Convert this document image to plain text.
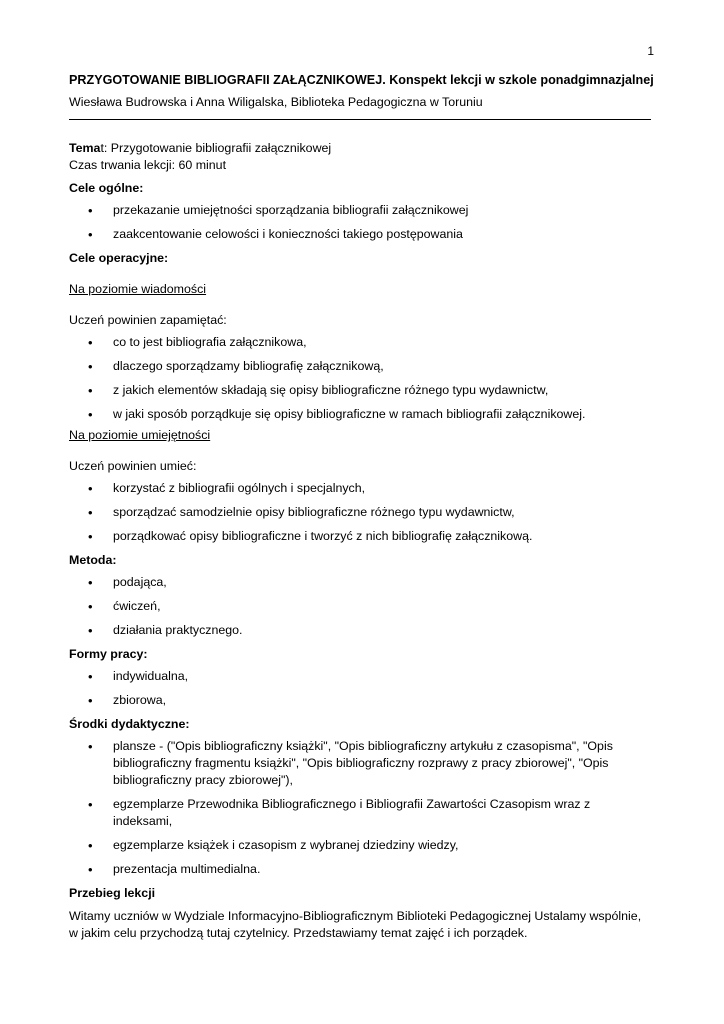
1

PRZYGOTOWANIE BIBLIOGRAFII ZAŁĄCZNIKOWEJ. Konspekt lekcji w szkole ponadgimnazjalnej

Wiesława Budrowska i Anna Wiligalska, Biblioteka Pedagogiczna w Toruniu

Temat: Przygotowanie bibliografii załącznikowej

Czas trwania lekcji: 60 minut

Cele ogólne:

• przekazanie umiejętności sporządzania bibliografii załącznikowej
• zaakcentowanie celowości i konieczności takiego postępowania

Cele operacyjne:

Na poziomie wiadomości

Uczeń powinien zapamiętać:

• co to jest bibliografia załącznikowa,
• dlaczego sporządzamy bibliografię załącznikową,
• z jakich elementów składają się opisy bibliograficzne różnego typu wydawnictw,
• w jaki sposób porządkuje się opisy bibliograficzne w ramach bibliografii załącznikowej.

Na poziomie umiejętności

Uczeń powinien umieć:

• korzystać z bibliografii ogólnych i specjalnych,
• sporządzać samodzielnie opisy bibliograficzne różnego typu wydawnictw,
• porządkować opisy bibliograficzne i tworzyć z nich bibliografię załącznikową.

Metoda:

• podająca,
• ćwiczeń,
• działania praktycznego.

Formy pracy:

• indywidualna,
• zbiorowa,

Środki dydaktyczne:

• plansze - ("Opis bibliograficzny książki", "Opis bibliograficzny artykułu z czasopisma", "Opis bibliograficzny fragmentu książki", "Opis bibliograficzny rozprawy z pracy zbiorowej", "Opis bibliograficzny pracy zbiorowej"),
• egzemplarze Przewodnika Bibliograficznego i Bibliografii Zawartości Czasopism wraz z indeksami,
• egzemplarze książek i czasopism z wybranej dziedziny wiedzy,
• prezentacja multimedialna.

Przebieg lekcji

Witamy uczniów w Wydziale Informacyjno-Bibliograficznym Biblioteki Pedagogicznej Ustalamy wspólnie, w jakim celu przychodzą tutaj czytelnicy. Przedstawiamy temat zajęć i ich porządek.
